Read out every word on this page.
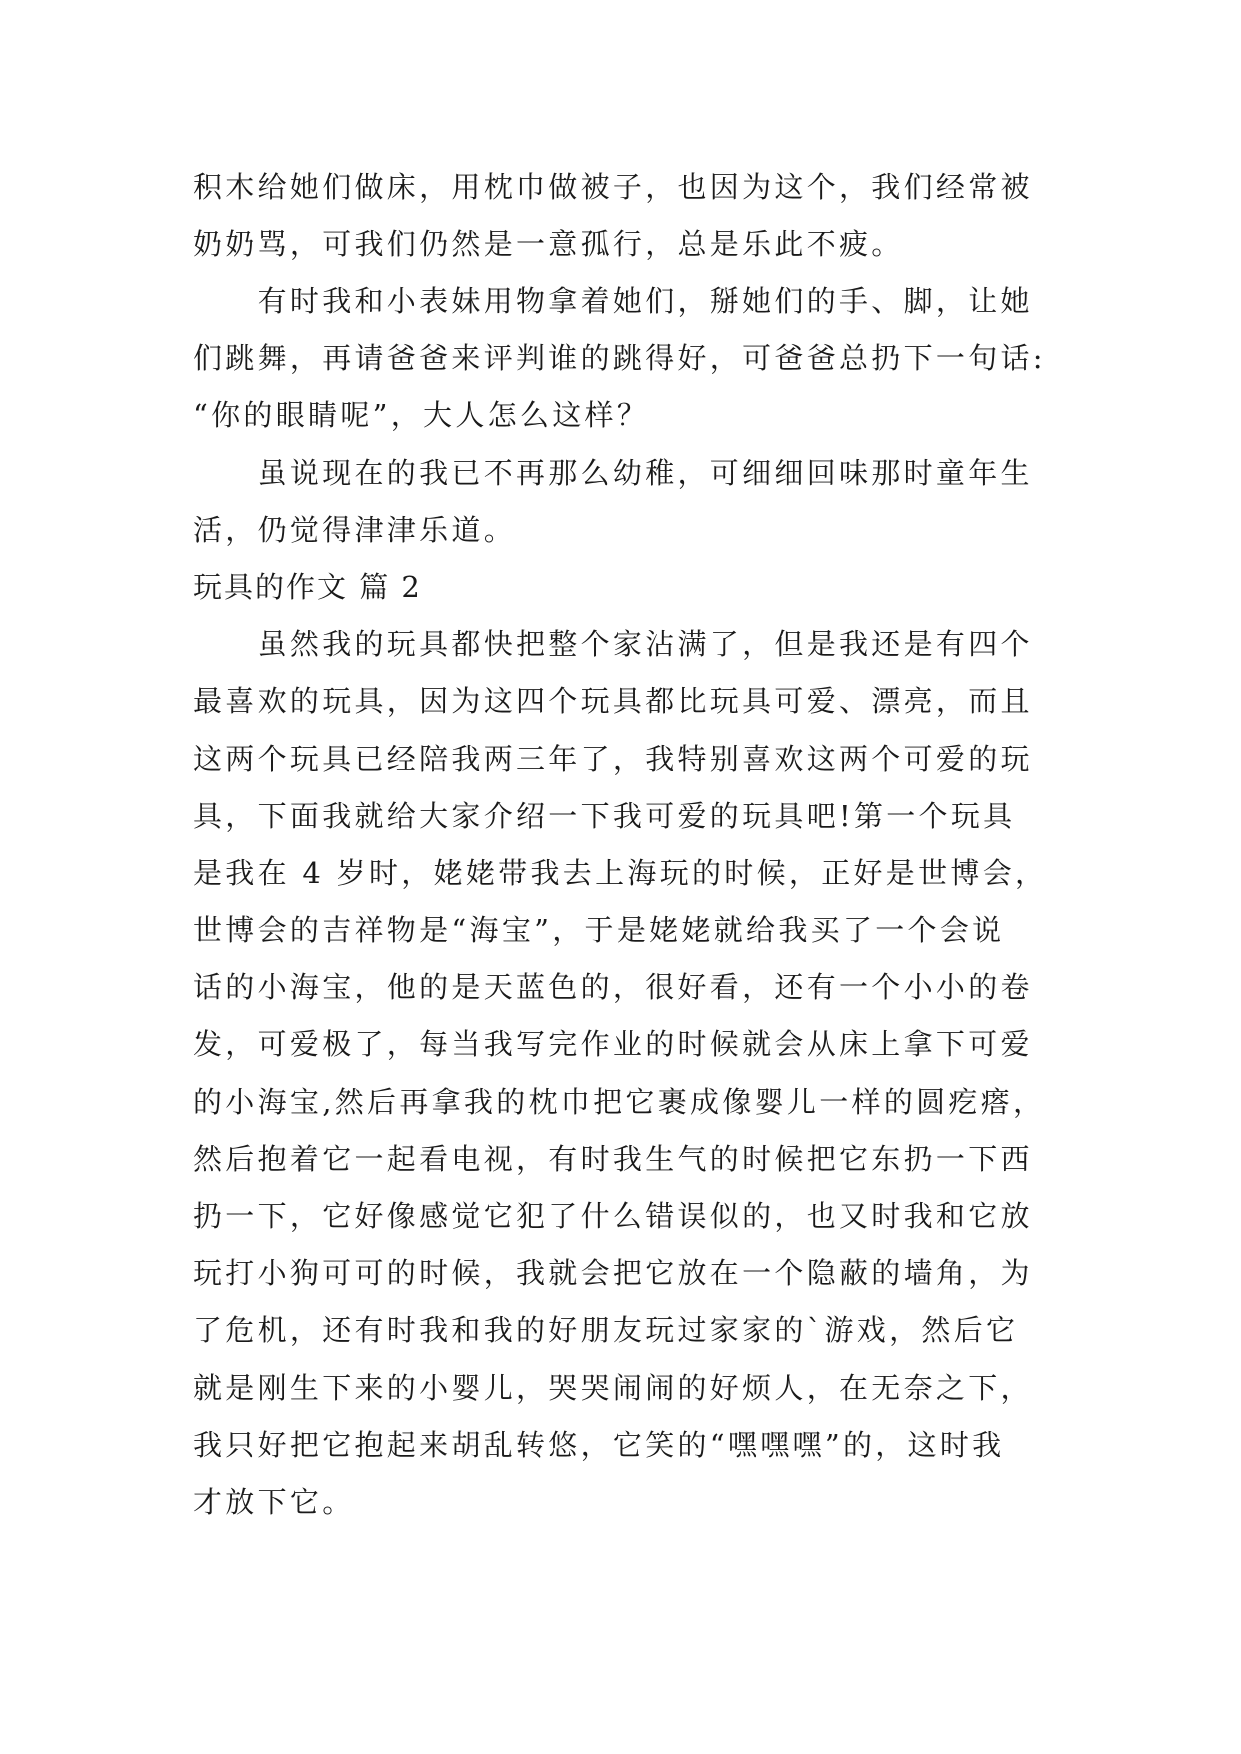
积木给她们做床，用枕巾做被子，也因为这个，我们经常被
奶奶骂，可我们仍然是一意孤行，总是乐此不疲。
　　有时我和小表妹用物拿着她们，掰她们的手、脚，让她
们跳舞，再请爸爸来评判谁的跳得好，可爸爸总扔下一句话:
“你的眼睛呢”，大人怎么这样？
　　虽说现在的我已不再那么幼稚，可细细回味那时童年生
活，仍觉得津津乐道。
玩具的作文 篇 2
　　虽然我的玩具都快把整个家沾满了，但是我还是有四个
最喜欢的玩具，因为这四个玩具都比玩具可爱、漂亮，而且
这两个玩具已经陪我两三年了，我特别喜欢这两个可爱的玩
具，下面我就给大家介绍一下我可爱的玩具吧!第一个玩具
是我在 4 岁时，姥姥带我去上海玩的时候，正好是世博会，
世博会的吉祥物是“海宝”，于是姥姥就给我买了一个会说
话的小海宝，他的是天蓝色的，很好看，还有一个小小的卷
发，可爱极了，每当我写完作业的时候就会从床上拿下可爱
的小海宝,然后再拿我的枕巾把它裹成像婴儿一样的圆疙瘩，
然后抱着它一起看电视，有时我生气的时候把它东扔一下西
扔一下，它好像感觉它犯了什么错误似的，也又时我和它放
玩打小狗可可的时候，我就会把它放在一个隐蔽的墙角，为
了危机，还有时我和我的好朋友玩过家家的`游戏，然后它
就是刚生下来的小婴儿，哭哭闹闹的好烦人，在无奈之下，
我只好把它抱起来胡乱转悠，它笑的“嘿嘿嘿”的，这时我
才放下它。
